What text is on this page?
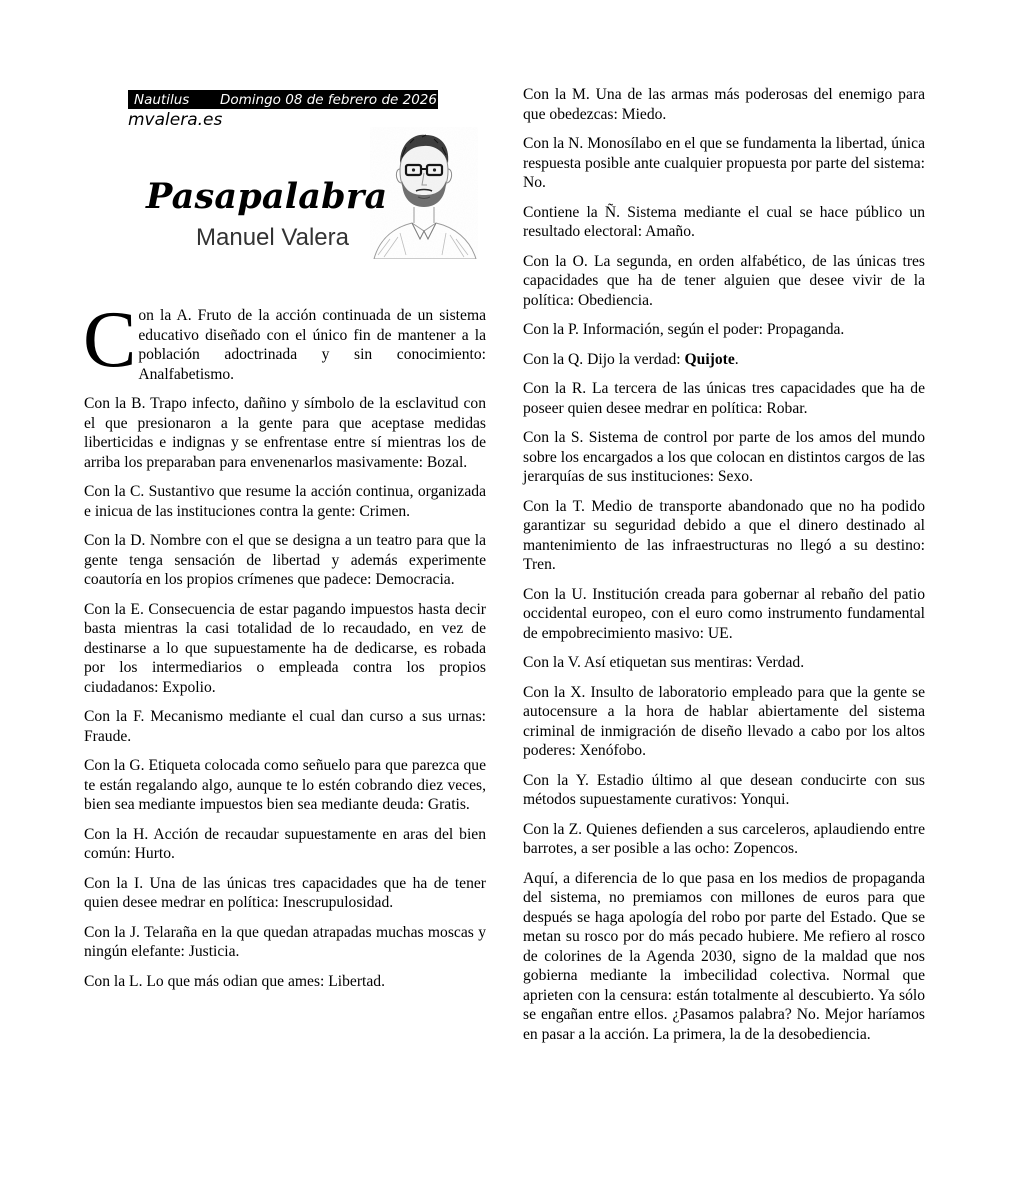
Nautilus	Domingo 08 de febrero de 2026
mvalera.es
Pasapalabra
Manuel Valera
C on la A. Fruto de la acción continuada de un sistema educativo diseñado con el único fin de mantener a la población adoctrinada y sin conocimiento: Analfabetismo.

Con la B. Trapo infecto, dañino y símbolo de la esclavitud con el que presionaron a la gente para que aceptase medidas liberticidas e indignas y se enfrentase entre sí mientras los de arriba los preparaban para envenenarlos masivamente: Bozal.

Con la C. Sustantivo que resume la acción continua, organizada e inicua de las instituciones contra la gente: Crimen.

Con la D. Nombre con el que se designa a un teatro para que la gente tenga sensación de libertad y además experimente coautoría en los propios crímenes que padece: Democracia.

Con la E. Consecuencia de estar pagando impuestos hasta decir basta mientras la casi totalidad de lo recaudado, en vez de destinarse a lo que supuestamente ha de dedicarse, es robada por los intermediarios o empleada contra los propios ciudadanos: Expolio.

Con la F. Mecanismo mediante el cual dan curso a sus urnas: Fraude.

Con la G. Etiqueta colocada como señuelo para que parezca que te están regalando algo, aunque te lo estén cobrando diez veces, bien sea mediante impuestos bien sea mediante deuda: Gratis.

Con la H. Acción de recaudar supuestamente en aras del bien común: Hurto.

Con la I. Una de las únicas tres capacidades que ha de tener quien desee medrar en política: Inescrupulosidad.

Con la J. Telaraña en la que quedan atrapadas muchas moscas y ningún elefante: Justicia.

Con la L. Lo que más odian que ames: Libertad.

Con la M. Una de las armas más poderosas del enemigo para que obedezcas: Miedo.

Con la N. Monosílabo en el que se fundamenta la libertad, única respuesta posible ante cualquier propuesta por parte del sistema: No.

Contiene la Ñ. Sistema mediante el cual se hace público un resultado electoral: Amaño.

Con la O. La segunda, en orden alfabético, de las únicas tres capacidades que ha de tener alguien que desee vivir de la política: Obediencia.

Con la P. Información, según el poder: Propaganda.

Con la Q. Dijo la verdad: Quijote.

Con la R. La tercera de las únicas tres capacidades que ha de poseer quien desee medrar en política: Robar.

Con la S. Sistema de control por parte de los amos del mundo sobre los encargados a los que colocan en distintos cargos de las jerarquías de sus instituciones: Sexo.

Con la T. Medio de transporte abandonado que no ha podido garantizar su seguridad debido a que el dinero destinado al mantenimiento de las infraestructuras no llegó a su destino: Tren.

Con la U. Institución creada para gobernar al rebaño del patio occidental europeo, con el euro como instrumento fundamental de empobrecimiento masivo: UE.

Con la V. Así etiquetan sus mentiras: Verdad.

Con la X. Insulto de laboratorio empleado para que la gente se autocensure a la hora de hablar abiertamente del sistema criminal de inmigración de diseño llevado a cabo por los altos poderes: Xenófobo.

Con la Y. Estadio último al que desean conducirte con sus métodos supuestamente curativos: Yonqui.

Con la Z. Quienes defienden a sus carceleros, aplaudiendo entre barrotes, a ser posible a las ocho: Zopencos.

Aquí, a diferencia de lo que pasa en los medios de propaganda del sistema, no premiamos con millones de euros para que después se haga apología del robo por parte del Estado. Que se metan su rosco por do más pecado hubiere. Me refiero al rosco de colorines de la Agenda 2030, signo de la maldad que nos gobierna mediante la imbecilidad colectiva. Normal que aprieten con la censura: están totalmente al descubierto. Ya sólo se engañan entre ellos. ¿Pasamos palabra? No. Mejor haríamos en pasar a la acción. La primera, la de la desobediencia.
